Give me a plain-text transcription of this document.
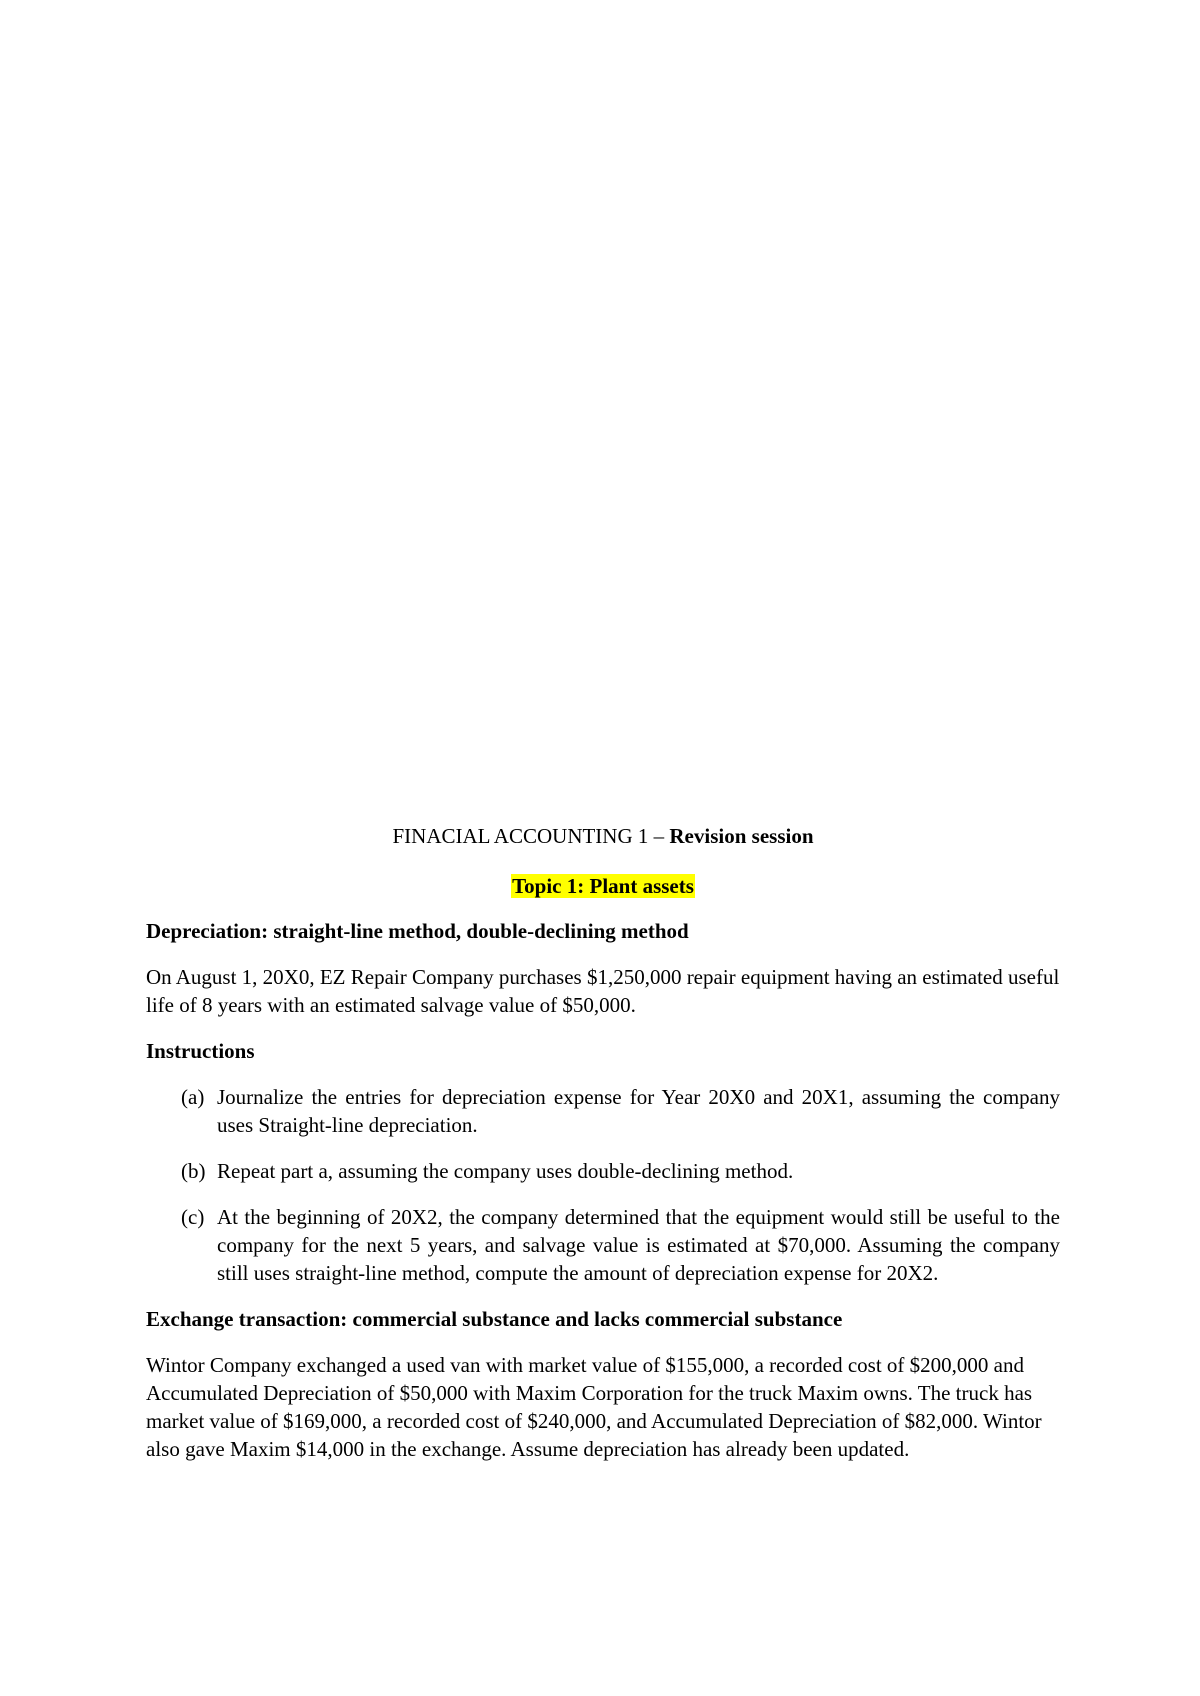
FINACIAL ACCOUNTING 1 – Revision session

Topic 1: Plant assets

Depreciation: straight-line method, double-declining method

On August 1, 20X0, EZ Repair Company purchases $1,250,000 repair equipment having an estimated useful life of 8 years with an estimated salvage value of $50,000.

Instructions

(a) Journalize the entries for depreciation expense for Year 20X0 and 20X1, assuming the company uses Straight-line depreciation.
(b) Repeat part a, assuming the company uses double-declining method.
(c) At the beginning of 20X2, the company determined that the equipment would still be useful to the company for the next 5 years, and salvage value is estimated at $70,000. Assuming the company still uses straight-line method, compute the amount of depreciation expense for 20X2.

Exchange transaction: commercial substance and lacks commercial substance

Wintor Company exchanged a used van with market value of $155,000, a recorded cost of $200,000 and Accumulated Depreciation of $50,000 with Maxim Corporation for the truck Maxim owns. The truck has market value of $169,000, a recorded cost of $240,000, and Accumulated Depreciation of $82,000. Wintor also gave Maxim $14,000 in the exchange. Assume depreciation has already been updated.
